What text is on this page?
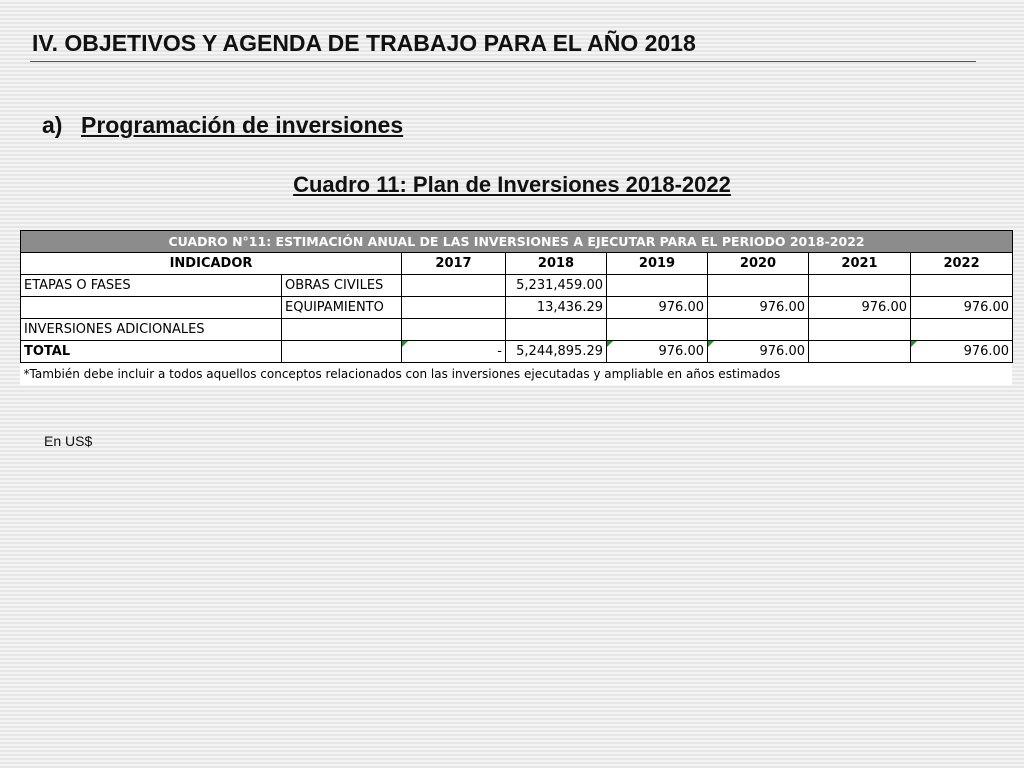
IV. OBJETIVOS Y AGENDA DE TRABAJO PARA EL AÑO 2018
a) Programación de inversiones
Cuadro 11: Plan de Inversiones 2018-2022
CUADRO N°11: ESTIMACIÓN ANUAL DE LAS INVERSIONES A EJECUTAR PARA EL PERIODO 2018-2022							
INDICADOR		2017	2018	2019	2020	2021	2022
ETAPAS O FASES	OBRAS CIVILES		5,231,459.00				
	EQUIPAMIENTO		13,436.29	976.00	976.00	976.00	976.00
INVERSIONES ADICIONALES							
TOTAL		-	5,244,895.29	976.00	976.00		976.00
*También debe incluir a todos aquellos conceptos relacionados con las inversiones ejecutadas y ampliable en años estimados							
En US$
